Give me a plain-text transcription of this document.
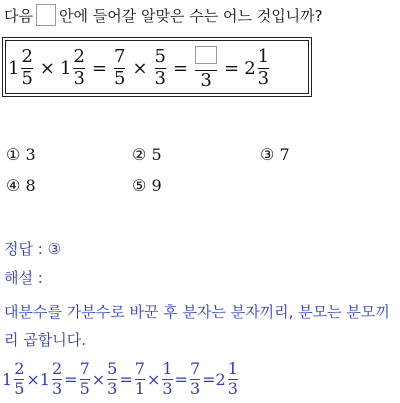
다음 안에 들어갈 알맞은 수는 어느 것입니까?
$1 \frac{2}{5} \times 1 \frac{2}{3} = \frac{7}{5} \times \frac{5}{3}$ =
3
= $2 \frac{1}{3}$
① 3	② 5	③ 7
④ 8	⑤ 9
정답 : ③
해설 :
대분수를 가분수로 바꾼 후 분자는 분자끼리, 분모는 분모끼리 곱합니다.
$1 \frac{2}{5} \times 1 \frac{2}{3} = \frac{7}{5} \times \frac{5}{3} = \frac{7}{1} \times \frac{1}{3} = \frac{7}{3} = 2 \frac{1}{3}$
